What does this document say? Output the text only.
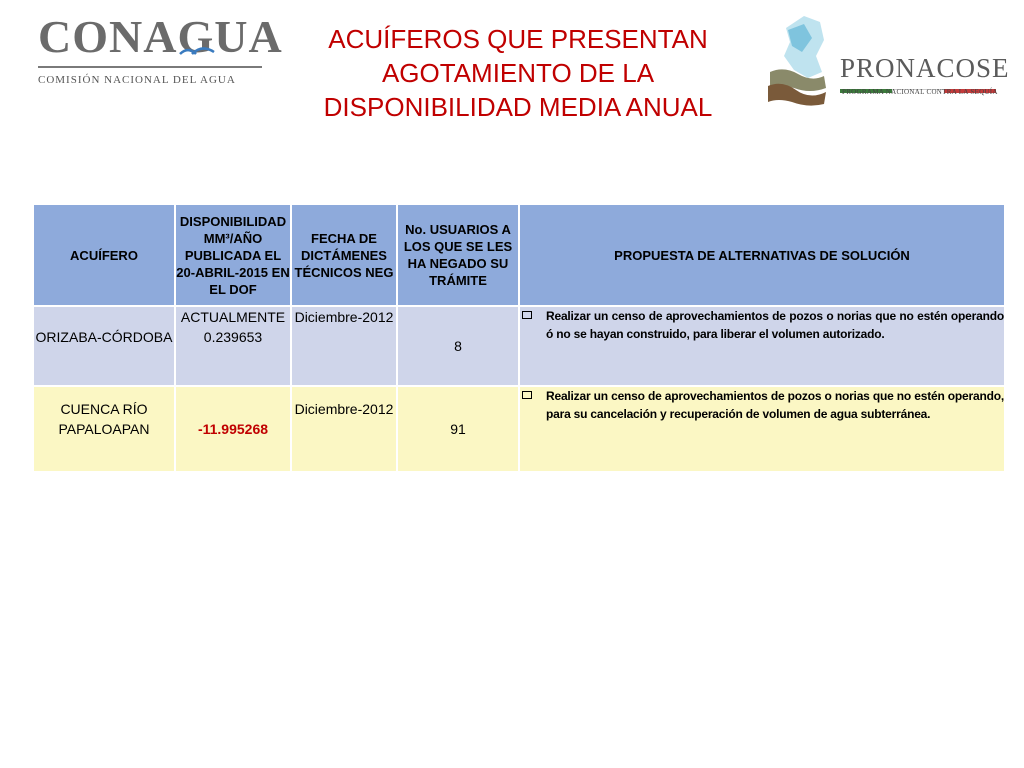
CONAGUA
COMISIÓN NACIONAL DEL AGUA
ACUÍFEROS QUE PRESENTAN
AGOTAMIENTO DE LA
DISPONIBILIDAD MEDIA ANUAL
PRONACOSE
PROGRAMA NACIONAL CONTRA LA SEQUÍA
ACUÍFERO	DISPONIBILIDAD MM³/AÑO PUBLICADA EL 20-ABRIL-2015 EN EL DOF	FECHA DE DICTÁMENES TÉCNICOS NEG	No. USUARIOS A LOS QUE SE LES HA NEGADO SU TRÁMITE	PROPUESTA DE ALTERNATIVAS DE SOLUCIÓN
ORIZABA-CÓRDOBA	ACTUALMENTE 0.239653	Diciembre-2012	8	Realizar un censo de aprovechamientos de pozos o norias que no estén operando ó no se hayan construido, para liberar el volumen autorizado.

CUENCA RÍO PAPALOAPAN	-11.995268	Diciembre-2012	91	Realizar un censo de aprovechamientos de pozos o norias que no estén operando, para su cancelación y recuperación de volumen de agua subterránea.
